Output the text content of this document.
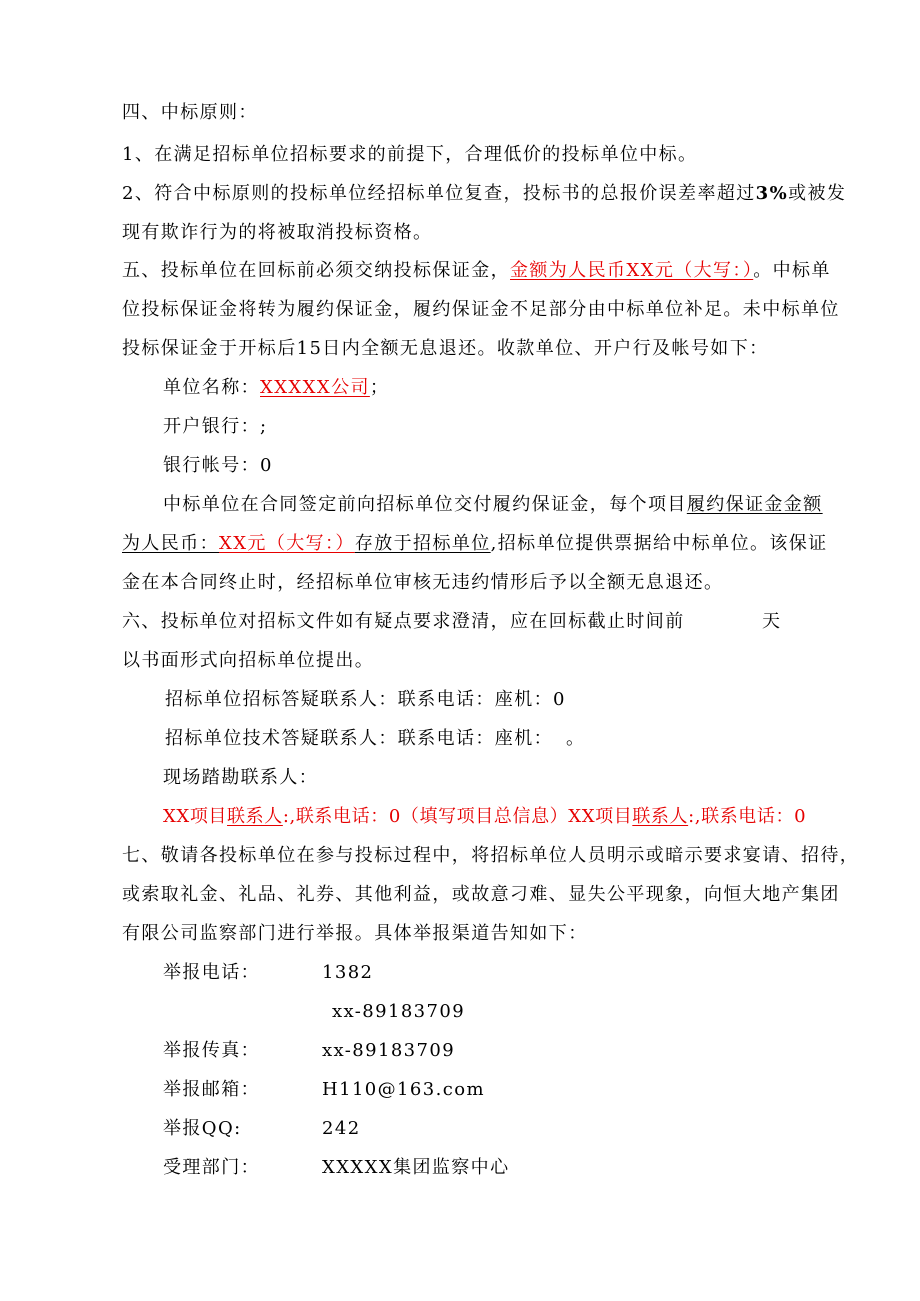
四、中标原则：
1、在满足招标单位招标要求的前提下，合理低价的投标单位中标。
2、符合中标原则的投标单位经招标单位复查，投标书的总报价误差率超过3%或被发
现有欺诈行为的将被取消投标资格。
五、投标单位在回标前必须交纳投标保证金，金额为人民币XX元（大写：）。中标单
位投标保证金将转为履约保证金，履约保证金不足部分由中标单位补足。未中标单位
投标保证金于开标后15日内全额无息退还。收款单位、开户行及帐号如下：
单位名称：XXXXX公司；
开户银行：;
银行帐号：0
中标单位在合同签定前向招标单位交付履约保证金，每个项目履约保证金金额
为人民币：XX元（大写：）存放于招标单位,招标单位提供票据给中标单位。该保证
金在本合同终止时，经招标单位审核无违约情形后予以全额无息退还。
六、投标单位对招标文件如有疑点要求澄清，应在回标截止时间前	天
以书面形式向招标单位提出。
招标单位招标答疑联系人：联系电话：座机：0
招标单位技术答疑联系人：联系电话：座机： 。
现场踏勘联系人：
XX项目联系人:,联系电话：0（填写项目总信息）XX项目联系人:,联系电话：0
七、敬请各投标单位在参与投标过程中，将招标单位人员明示或暗示要求宴请、招待，
或索取礼金、礼品、礼券、其他利益，或故意刁难、显失公平现象，向恒大地产集团
有限公司监察部门进行举报。具体举报渠道告知如下：
举报电话：	1382
xx-89183709
举报传真：	xx-89183709
举报邮箱：	H110@163.com
举报QQ:	242
受理部门：	XXXXX集团监察中心
